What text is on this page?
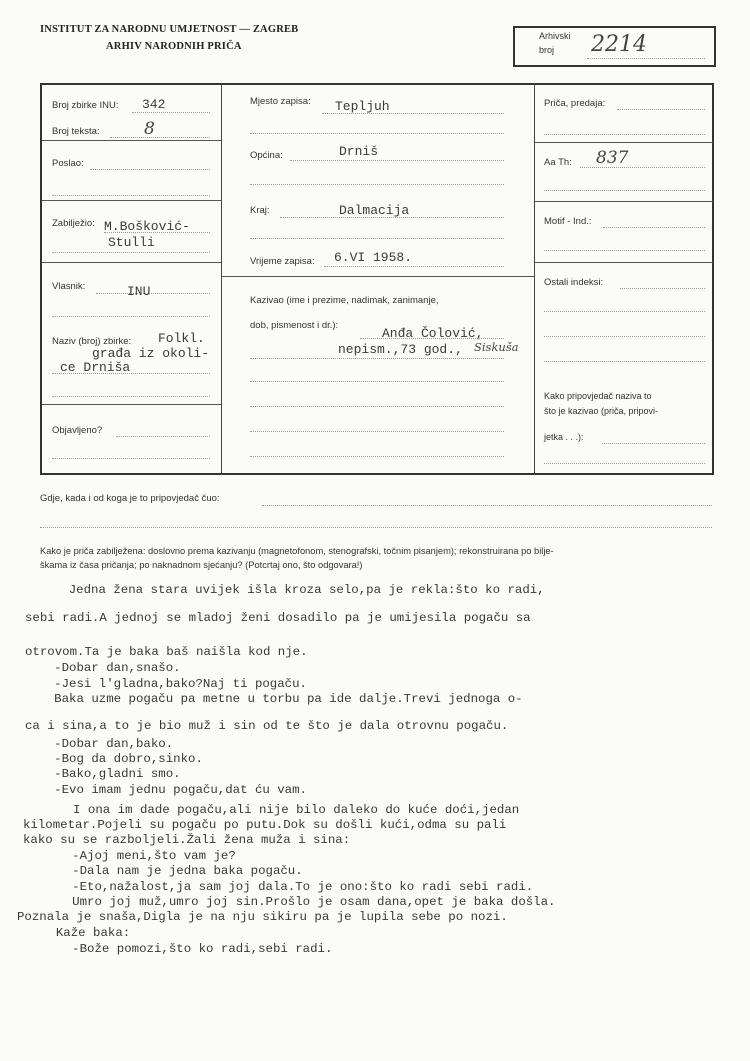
INSTITUT ZA NARODNU UMJETNOST — ZAGREB
ARHIV NARODNIH PRIČA
Arhivski
broj 2214
Broj zbirke INU: 342
Broj teksta:	8
Poslao:
Zabilježio: M.Bošković-
Stulli
Vlasnik:	INU
Naziv (broj) zbirke: Folkl.
građa iz okoli-
ce Drniša
Objavljeno?
Mjesto zapisa: Tepljuh
Općina:	Drniš
Kraj:	Dalmacija
Vrijeme zapisa: 6.VI 1958.
Kazivao (ime i prezime, nadimak, zanimanje,
dob, pismenost i dr.):
Anđa Čolović,
nepism.,73 god., Siskuša
Priča, predaja:
Aa Th: 837
Motif - Ind.:
Ostali indeksi:
Kako pripovjedač naziva to
što je kazivao (priča, pripovi-
jetka . . .):
Gdje, kada i od koga je to pripovjedač čuo:
Kako je priča zabilježena: doslovno prema kazivanju (magnetofonom, stenografski, točnim pisanjem); rekonstruirana po bilje-
škama iz časa pričanja; po naknadnom sjećanju? (Potcrtaj ono, što odgovara!)
Jedna žena stara uvijek išla kroza selo,pa je rekla:što ko radi,
sebi radi.A jednoj se mladoj ženi dosadilo pa je umijesila pogaču sa
otrovom.Ta je baka baš naišla kod nje.
-Dobar dan,snašo.
-Jesi l'gladna,bako?Naj ti pogaču.
Baka uzme pogaču pa metne u torbu pa ide dalje.Trevi jednoga o-
ca i sina,a to je bio muž i sin od te što je dala otrovnu pogaču.
-Dobar dan,bako.
-Bog da dobro,sinko.
-Bako,gladni smo.
-Evo imam jednu pogaču,dat ću vam.
I ona im dade pogaču,ali nije bilo daleko do kuće doći,jedan
kilometar.Pojeli su pogaču po putu.Dok su došli kući,odma su pali
kako su se razboljeli.Žali žena muža i sina:
-Ajoj meni,što vam je?
-Dala nam je jedna baka pogaču.
-Eto,nažalost,ja sam joj dala.To je ono:što ko radi sebi radi.
Umro joj muž,umro joj sin.Prošlo je osam dana,opet je baka došla.
Poznala je snaša,Digla je na nju sikiru pa je lupila sebe po nozi.
Kaže baka:
-Bože pomozi,što ko radi,sebi radi.
